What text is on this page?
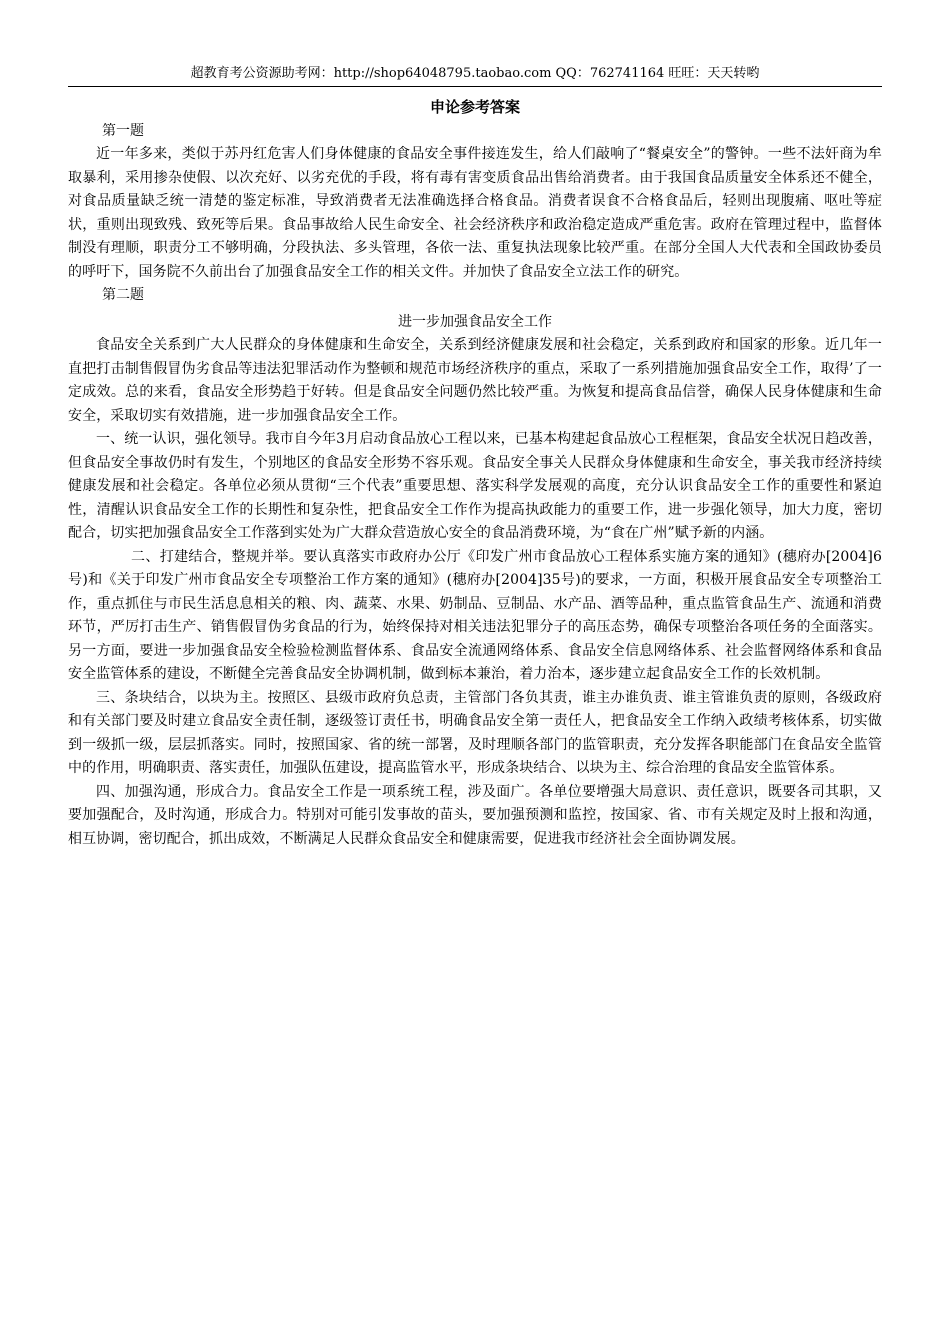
超教育考公资源助考网：http://shop64048795.taobao.com QQ：762741164 旺旺：天天转哟
申论参考答案
第一题

近一年多来，类似于苏丹红危害人们身体健康的食品安全事件接连发生，给人们敲响了“餐桌安全”的警钟。一些不法奸商为牟取暴利，采用掺杂使假、以次充好、以劣充优的手段，将有毒有害变质食品出售给消费者。由于我国食品质量安全体系还不健全，对食品质量缺乏统一清楚的鉴定标准，导致消费者无法准确选择合格食品。消费者误食不合格食品后，轻则出现腹痛、呕吐等症状，重则出现致残、致死等后果。食品事故给人民生命安全、社会经济秩序和政治稳定造成严重危害。政府在管理过程中，监督体制没有理顺，职责分工不够明确，分段执法、多头管理，各依一法、重复执法现象比较严重。在部分全国人大代表和全国政协委员的呼吁下，国务院不久前出台了加强食品安全工作的相关文件。并加快了食品安全立法工作的研究。

第二题
进一步加强食品安全工作

食品安全关系到广大人民群众的身体健康和生命安全，关系到经济健康发展和社会稳定，关系到政府和国家的形象。近几年一直把打击制售假冒伪劣食品等违法犯罪活动作为整顿和规范市场经济秩序的重点，采取了一系列措施加强食品安全工作，取得’了一定成效。总的来看，食品安全形势趋于好转。但是食品安全问题仍然比较严重。为恢复和提高食品信誉，确保人民身体健康和生命安全，采取切实有效措施，进一步加强食品安全工作。

一、统一认识，强化领导。我市自今年3月启动食品放心工程以来，已基本构建起食品放心工程框架，食品安全状况日趋改善，但食品安全事故仍时有发生，个别地区的食品安全形势不容乐观。食品安全事关人民群众身体健康和生命安全，事关我市经济持续健康发展和社会稳定。各单位必须从贯彻“三个代表”重要思想、落实科学发展观的高度，充分认识食品安全工作的重要性和紧迫性，清醒认识食品安全工作的长期性和复杂性，把食品安全工作作为提高执政能力的重要工作，进一步强化领导，加大力度，密切配合，切实把加强食品安全工作落到实处为广大群众营造放心安全的食品消费环境，为“食在广州”赋予新的内涵。

二、打建结合，整规并举。要认真落实市政府办公厅《印发广州市食品放心工程体系实施方案的通知》(穗府办[2004]6号)和《关于印发广州市食品安全专项整治工作方案的通知》(穗府办[2004]35号)的要求，一方面，积极开展食品安全专项整治工作，重点抓住与市民生活息息相关的粮、肉、蔬菜、水果、奶制品、豆制品、水产品、酒等品种，重点监管食品生产、流通和消费环节，严厉打击生产、销售假冒伪劣食品的行为，始终保持对相关违法犯罪分子的高压态势，确保专项整治各项任务的全面落实。另一方面，要进一步加强食品安全检验检测监督体系、食品安全流通网络体系、食品安全信息网络体系、社会监督网络体系和食品安全监管体系的建设，不断健全完善食品安全协调机制，做到标本兼治，着力治本，逐步建立起食品安全工作的长效机制。

三、条块结合，以块为主。按照区、县级市政府负总责，主管部门各负其责，谁主办谁负责、谁主管谁负责的原则，各级政府和有关部门要及时建立食品安全责任制，逐级签订责任书，明确食品安全第一责任人，把食品安全工作纳入政绩考核体系，切实做到一级抓一级，层层抓落实。同时，按照国家、省的统一部署，及时理顺各部门的监管职责，充分发挥各职能部门在食品安全监管中的作用，明确职责、落实责任，加强队伍建设，提高监管水平，形成条块结合、以块为主、综合治理的食品安全监管体系。

四、加强沟通，形成合力。食品安全工作是一项系统工程，涉及面广。各单位要增强大局意识、责任意识，既要各司其职，又要加强配合，及时沟通，形成合力。特别对可能引发事故的苗头，要加强预测和监控，按国家、省、市有关规定及时上报和沟通，相互协调，密切配合，抓出成效，不断满足人民群众食品安全和健康需要，促进我市经济社会全面协调发展。
